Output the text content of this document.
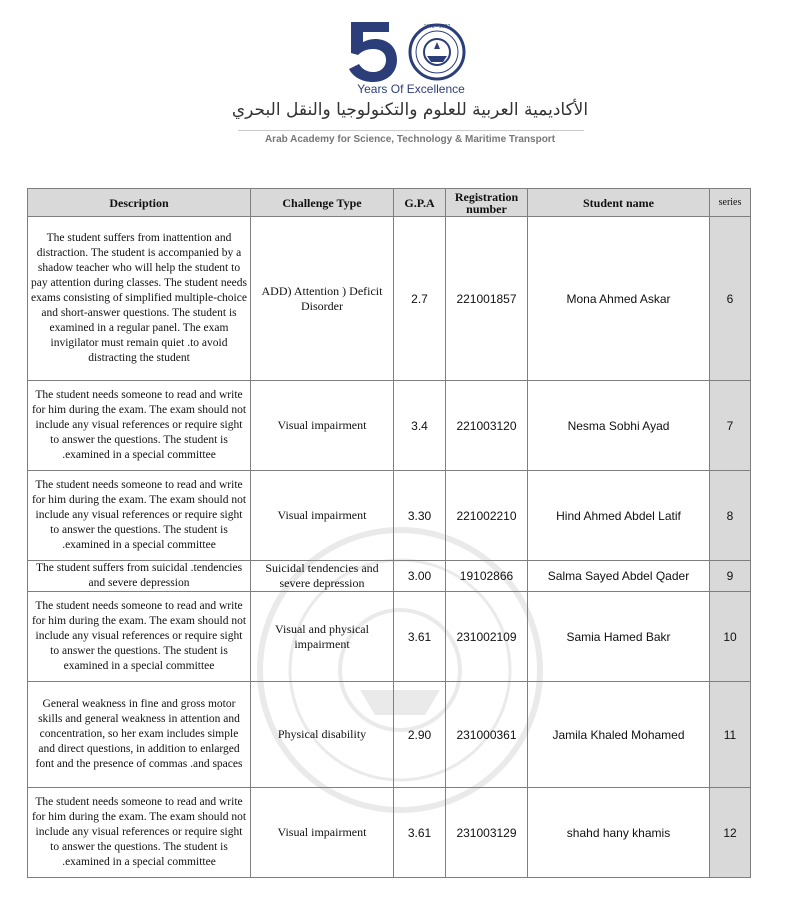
1972 - 2022
Years Of Excellence
الأكاديمية العربية للعلوم والتكنولوجيا والنقل البحري
Arab Academy for Science, Technology & Maritime Transport
Description	Challenge Type	G.P.A	Registration number	Student name	series
The student suffers from inattention and distraction. The student is accompanied by a shadow teacher who will help the student to pay attention during classes. The student needs exams consisting of simplified multiple-choice and short-answer questions. The student is examined in a regular panel. The exam invigilator must remain quiet .to avoid distracting the student	ADD) Attention ) Deficit Disorder	2.7	221001857	Mona Ahmed Askar	6
The student needs someone to read and write for him during the exam. The exam should not include any visual references or require sight to answer the questions. The student is .examined in a special committee	Visual impairment	3.4	221003120	Nesma Sobhi Ayad	7
The student needs someone to read and write for him during the exam. The exam should not include any visual references or require sight to answer the questions. The student is .examined in a special committee	Visual impairment	3.30	221002210	Hind Ahmed Abdel Latif	8
The student suffers from suicidal .tendencies and severe depression	Suicidal tendencies and severe depression	3.00	19102866	Salma Sayed Abdel Qader	9
The student needs someone to read and write for him during the exam. The exam should not include any visual references or require sight to answer the questions. The student is examined in a special committee	Visual and physical impairment	3.61	231002109	Samia Hamed Bakr	10
General weakness in fine and gross motor skills and general weakness in attention and concentration, so her exam includes simple and direct questions, in addition to enlarged font and the presence of commas .and spaces	Physical disability	2.90	231000361	Jamila Khaled Mohamed	11
The student needs someone to read and write for him during the exam. The exam should not include any visual references or require sight to answer the questions. The student is .examined in a special committee	Visual impairment	3.61	231003129	shahd hany khamis	12
